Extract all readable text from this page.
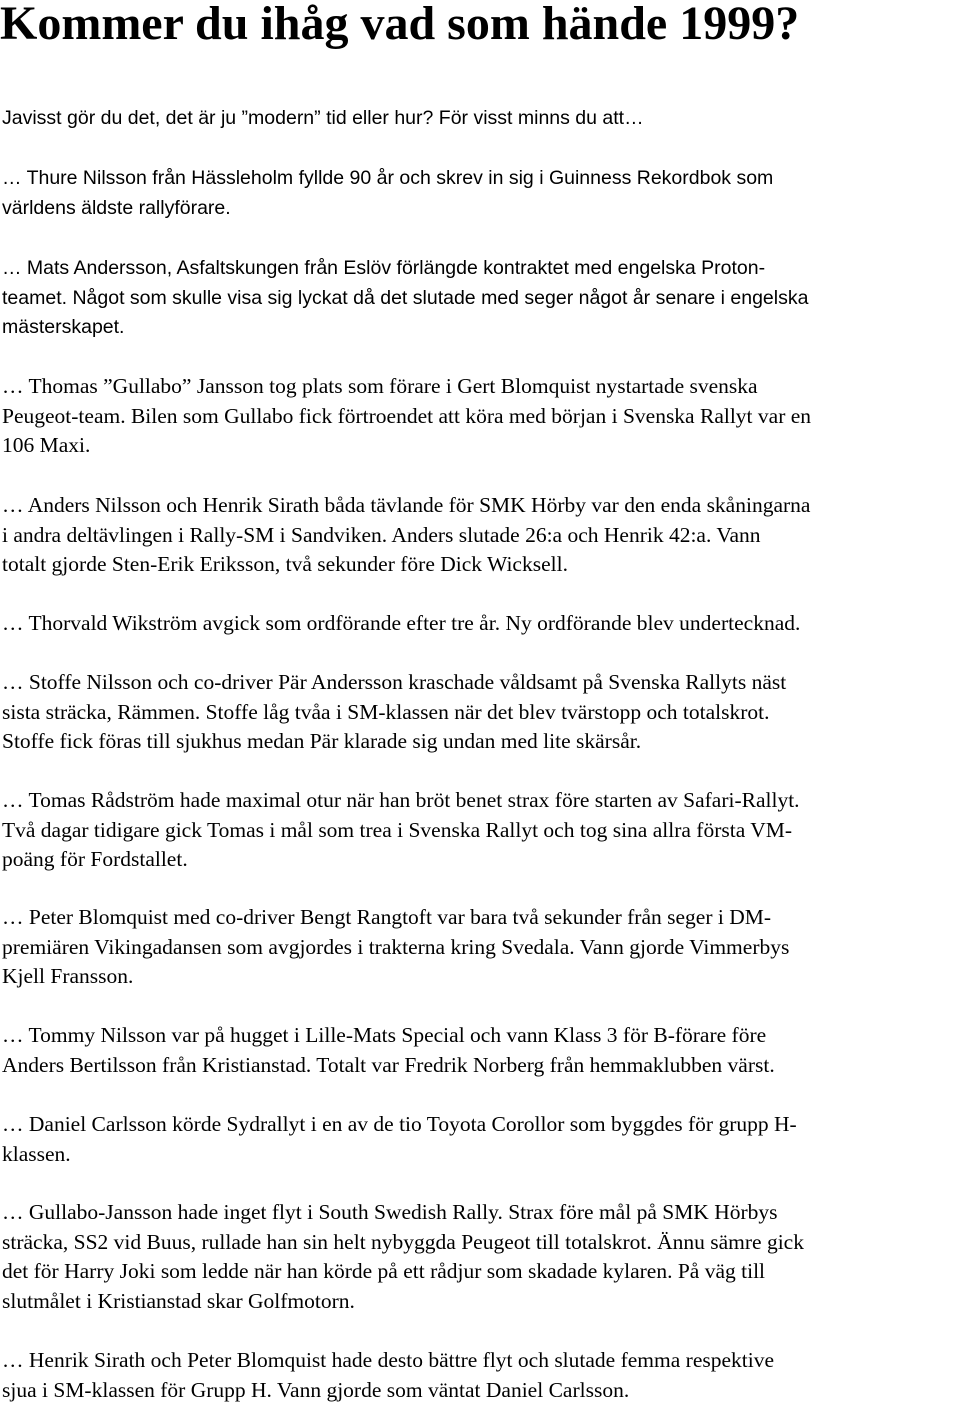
Kommer du ihåg vad som hände 1999?

Javisst gör du det, det är ju ”modern” tid eller hur? För visst minns du att…

… Thure Nilsson från Hässleholm fyllde 90 år och skrev in sig i Guinness Rekordbok som
världens äldste rallyförare.

… Mats Andersson, Asfaltskungen från Eslöv förlängde kontraktet med engelska Proton-
teamet. Något som skulle visa sig lyckat då det slutade med seger något år senare i engelska
mästerskapet.

… Thomas ”Gullabo” Jansson tog plats som förare i Gert Blomquist nystartade svenska
Peugeot-team. Bilen som Gullabo fick förtroendet att köra med början i Svenska Rallyt var en
106 Maxi.

… Anders Nilsson och Henrik Sirath båda tävlande för SMK Hörby var den enda skåningarna
i andra deltävlingen i Rally-SM i Sandviken. Anders slutade 26:a och Henrik 42:a. Vann
totalt gjorde Sten-Erik Eriksson, två sekunder före Dick Wicksell.

… Thorvald Wikström avgick som ordförande efter tre år. Ny ordförande blev undertecknad.

… Stoffe Nilsson och co-driver Pär Andersson kraschade våldsamt på Svenska Rallyts näst
sista sträcka, Rämmen. Stoffe låg tvåa i SM-klassen när det blev tvärstopp och totalskrot.
Stoffe fick föras till sjukhus medan Pär klarade sig undan med lite skärsår.

… Tomas Rådström hade maximal otur när han bröt benet strax före starten av Safari-Rallyt.
Två dagar tidigare gick Tomas i mål som trea i Svenska Rallyt och tog sina allra första VM-
poäng för Fordstallet.

… Peter Blomquist med co-driver Bengt Rangtoft var bara två sekunder från seger i DM-
premiären Vikingadansen som avgjordes i trakterna kring Svedala. Vann gjorde Vimmerbys
Kjell Fransson.

… Tommy Nilsson var på hugget i Lille-Mats Special och vann Klass 3 för B-förare före
Anders Bertilsson från Kristianstad. Totalt var Fredrik Norberg från hemmaklubben värst.

… Daniel Carlsson körde Sydrallyt i en av de tio Toyota Corollor som byggdes för grupp H-
klassen.

… Gullabo-Jansson hade inget flyt i South Swedish Rally. Strax före mål på SMK Hörbys
sträcka, SS2 vid Buus, rullade han sin helt nybyggda Peugeot till totalskrot. Ännu sämre gick
det för Harry Joki som ledde när han körde på ett rådjur som skadade kylaren. På väg till
slutmålet i Kristianstad skar Golfmotorn.

… Henrik Sirath och Peter Blomquist hade desto bättre flyt och slutade femma respektive
sjua i SM-klassen för Grupp H. Vann gjorde som väntat Daniel Carlsson.
